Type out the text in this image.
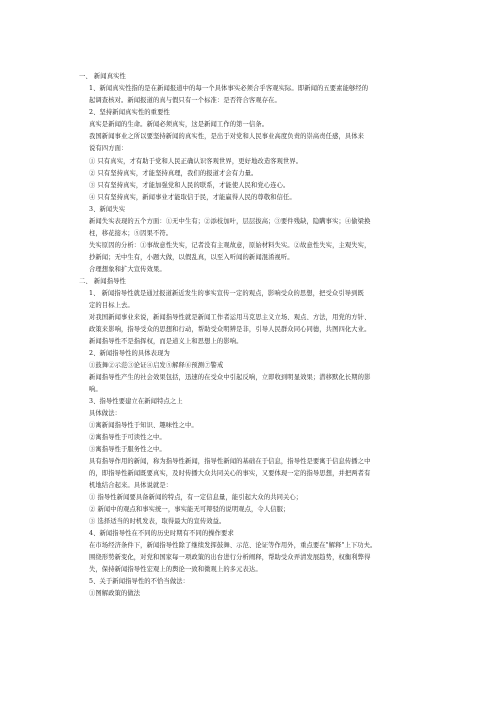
一、 新闻真实性
1、新闻真实性指的是在新闻报道中的每一个具体事实必须合乎客观实际。即新闻的五要素能够经的
起调查核对。新闻报道的真与假只有一个标准：是否符合客观存在。
2、坚持新闻真实性的重要性
真实是新闻的生命。新闻必须真实，这是新闻工作的第一信条。
我国新闻事业之所以要坚持新闻的真实性，是出于对党和人民事业高度负责的崇高责任感，具体来
说有四方面：
① 只有真实，才有助于党和人民正确认识客观世界，更好地改造客观世界。
② 只有坚持真实，才能坚持真理，我们的报道才会有力量。
③ 只有坚持真实，才能加强党和人民的联系，才能使人民和党心连心。
④ 只有坚持真实，新闻事业才能取信于民，才能赢得人民的尊敬和信任。
3、新闻失实
新闻失实表现的五个方面：①无中生有；②添枝加叶，层层拔高；③要件残缺，隐瞒事实；④偷梁换
柱，移花接木；⑤因果不符。
失实原因的分析：①事故意性失实，记者没有主观故意，原始材料失实。②故意性失实，主观失实，
抄新闻；无中生有，小题大做，以假乱真，以至入听闻的新闻混淆视听。
合理想象和扩大宣传效果。
二、 新闻指导性
1、 新闻指导性就是通过报道新近发生的事实宣传一定的观点，影响受众的思想，把受众引导到既
定的目标上去。
对我国新闻事业来说，新闻指导性就是新闻工作者运用马克思主义立场、观点、方法，用党的方针、
政策来影响，指导受众的思想和行动，帮助受众明辨是非，引导人民群众同心同德，共图四化大业。
新闻指导性不是指挥权，而是道义上和思想上的影响。
2、新闻指导性的具体表现为
①鼓舞②示范③论证④启发⑤解释⑥预测⑦警戒
新闻指导性产生的社会效果包括，迅速的在受众中引起反响，立即收到明显效果；潜移默化长期的影
响。
3、指导性要建立在新闻特点之上
具体做法：
①寓新闻指导性于知识、趣味性之中。
②寓指导性于可读性之中。
③寓指导性于服务性之中。
具有指导作用的新闻，称为指导性新闻，指导性新闻的基础在于信息，指导性是要寓于信息传播之中
的，即指导性新闻既要真实，及时传播大众共同关心的事实，又要体现一定的指导思想，并把两者有
机地结合起来。具体说就是：
① 指导性新闻要具备新闻的特点，有一定信息量，能引起大众的共同关心；
② 新闻中的观点和事实统一，事实能无可辩驳的说明观点，令人信服；
③ 选择适当的时机发表，取得最大的宣传效益。
4、新闻指导性在不同的历史时期有不同的操作要求
在市场经济条件下，新闻指导性除了继续发挥鼓舞、示范、论证等作用外，重点要在"解释"上下功夫。
围绕形势新变化，对党和国家每一项政策的出台进行分析阐释，帮助受众弄清发展趋势，权衡利弊得
失，保持新闻指导性宏观上的舆论一致和微观上的多元表达。
5、关于新闻指导性的不恰当做法：
①图解政策的做法
